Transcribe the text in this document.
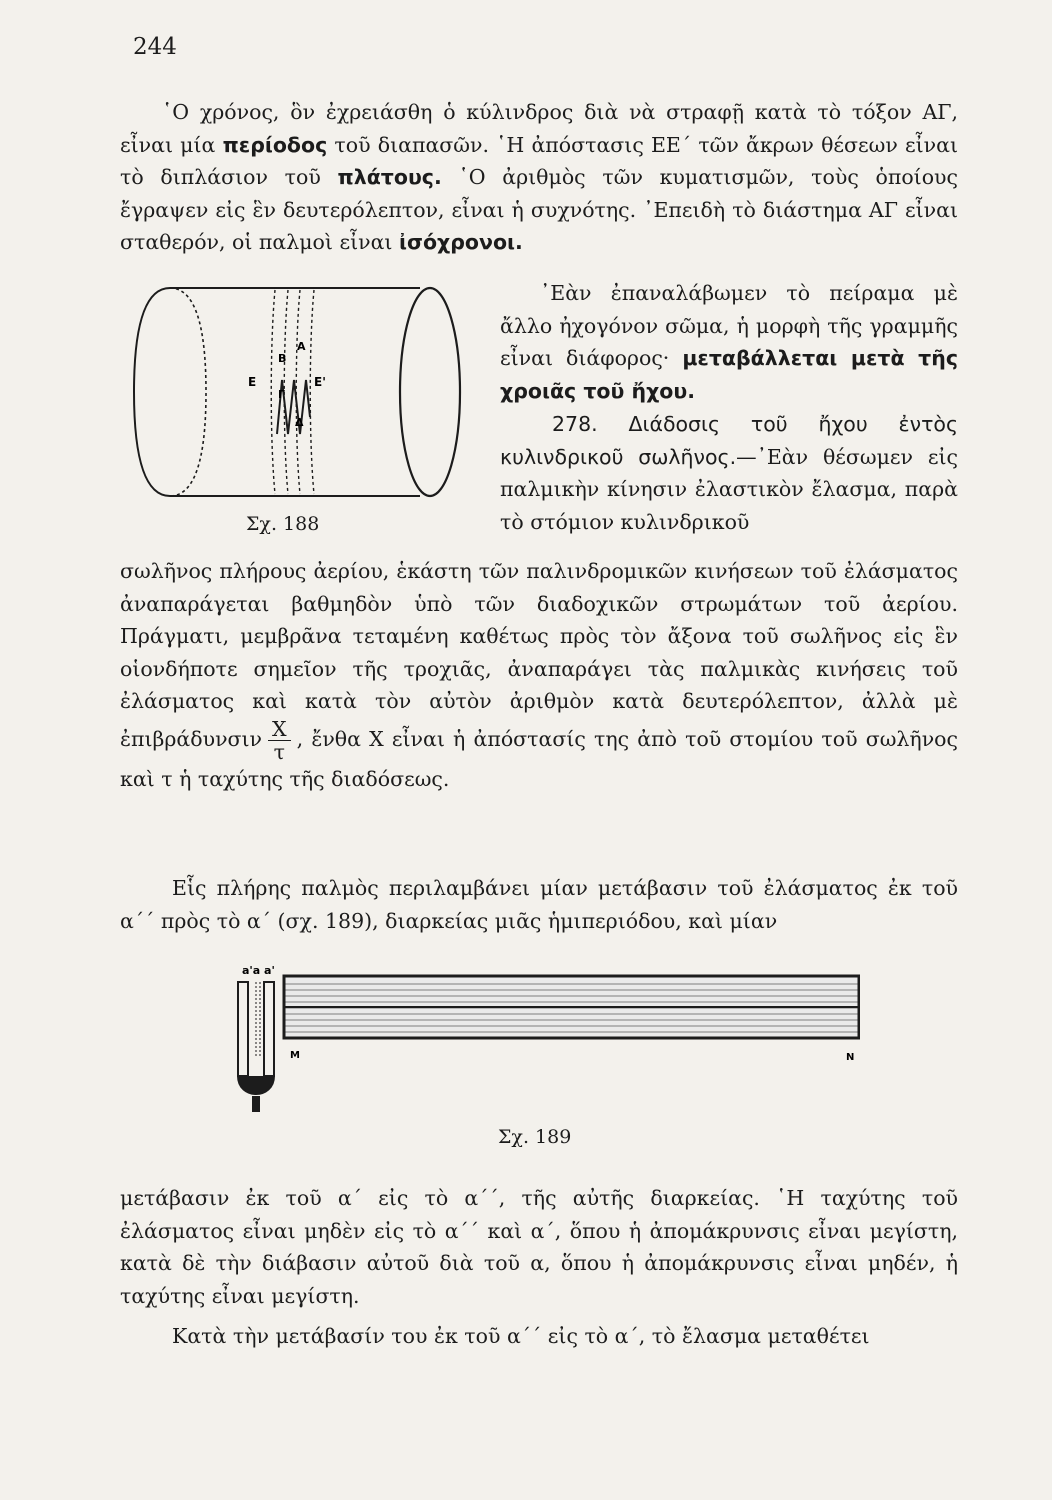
244

῾Ο χρόνος, ὃν ἐχρειάσθη ὁ κύλινδρος διὰ νὰ στραφῇ κατὰ τὸ τόξον ΑΓ, εἶναι μία περίοδος τοῦ διαπασῶν. ῾Η ἀπόστασις ΕΕ΄ τῶν ἄκρων θέσεων εἶναι τὸ διπλάσιον τοῦ πλάτους. ῾Ο ἀριθμὸς τῶν κυματισμῶν, τοὺς ὁποίους ἔγραψεν εἰς ἓν δευτερόλεπτον, εἶναι ἡ συχνότης. ᾽Επειδὴ τὸ διάστημα ΑΓ εἶναι σταθερόν, οἱ παλμοὶ εἶναι ἰσόχρονοι.

Ε	Ε'
Α
Β
Γ
Δ
Σχ. 188

᾽Εὰν ἐπαναλάβωμεν τὸ πείραμα μὲ ἄλλο ἠχογόνον σῶμα, ἡ μορφὴ τῆς γραμμῆς εἶναι διάφορος· μεταβάλλεται μετὰ τῆς χροιᾶς τοῦ ἤχου.

278. Διάδοσις τοῦ ἤχου ἐντὸς κυλινδρικοῦ σωλῆνος.—᾽Εὰν θέσωμεν εἰς παλμικὴν κίνησιν ἐλαστικὸν ἔλασμα, παρὰ τὸ στόμιον κυλινδρικοῦ

σωλῆνος πλήρους ἀερίου, ἑκάστη τῶν παλινδρομικῶν κινήσεων τοῦ ἐλάσματος ἀναπαράγεται βαθμηδὸν ὑπὸ τῶν διαδοχικῶν στρωμάτων τοῦ ἀερίου. Πράγματι, μεμβρᾶνα τεταμένη καθέτως πρὸς τὸν ἄξονα τοῦ σωλῆνος εἰς ἓν οἱονδήποτε σημεῖον τῆς τροχιᾶς, ἀναπαράγει τὰς παλμικὰς κινήσεις τοῦ ἐλάσματος καὶ κατὰ τὸν αὐτὸν ἀριθμὸν κατὰ δευτερόλεπτον, ἀλλὰ μὲ ἐπιβράδυνσιν $\frac{X}{\tau}$ , ἔνθα X εἶναι ἡ ἀπόστασίς της ἀπὸ τοῦ στομίου τοῦ σωλῆνος καὶ τ ἡ ταχύτης τῆς διαδόσεως.

Εἷς πλήρης παλμὸς περιλαμβάνει μίαν μετάβασιν τοῦ ἐλάσματος ἐκ τοῦ α΄΄ πρὸς τὸ α΄ (σχ. 189), διαρκείας μιᾶς ἡμιπεριόδου, καὶ μίαν

a'a a'
M	N
Σχ. 189

μετάβασιν ἐκ τοῦ α΄ εἰς τὸ α΄΄, τῆς αὐτῆς διαρκείας. ῾Η ταχύτης τοῦ ἐλάσματος εἶναι μηδὲν εἰς τὸ α΄΄ καὶ α΄, ὅπου ἡ ἀπομάκρυνσις εἶναι μεγίστη, κατὰ δὲ τὴν διάβασιν αὐτοῦ διὰ τοῦ α, ὅπου ἡ ἀπομάκρυνσις εἶναι μηδέν, ἡ ταχύτης εἶναι μεγίστη.

Κατὰ τὴν μετάβασίν του ἐκ τοῦ α΄΄ εἰς τὸ α΄, τὸ ἔλασμα μεταθέτει
